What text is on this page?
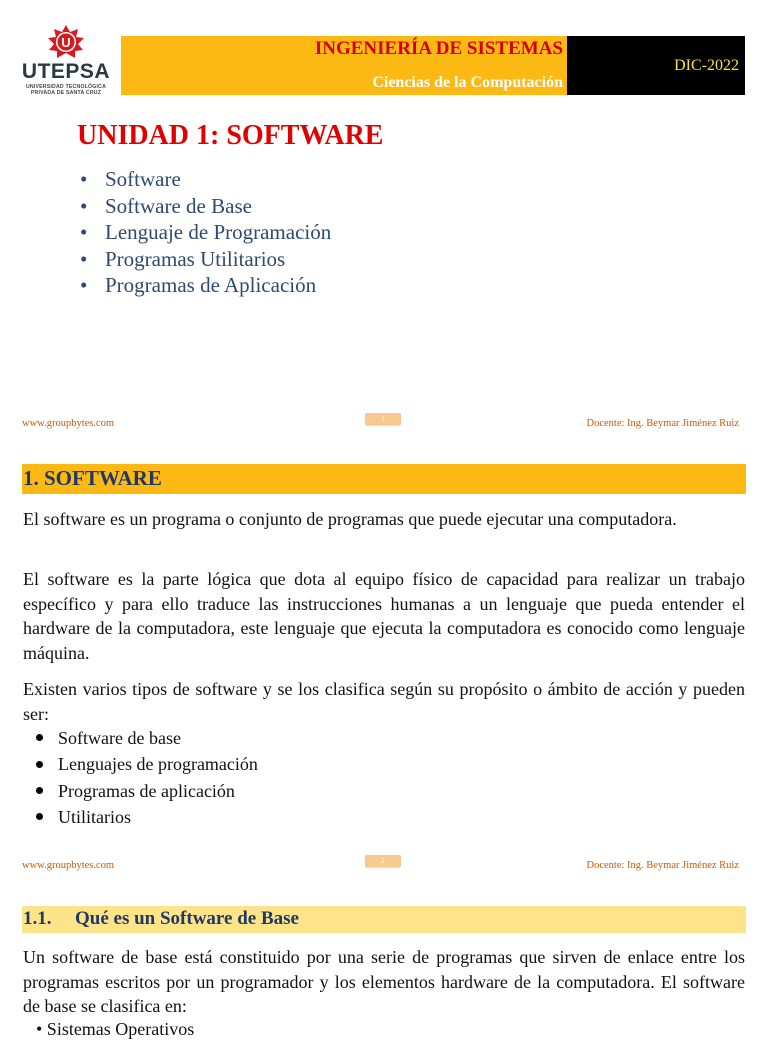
U
UTEPSA
UNIVERSIDAD TECNOLÓGICA
PRIVADA DE SANTA CRUZ
INGENIERÍA DE SISTEMAS
Ciencias de la Computación
DIC-2022
UNIDAD 1: SOFTWARE
• Software
• Software de Base
• Lenguaje de Programación
• Programas Utilitarios
• Programas de Aplicación
www.groupbytes.com	1	Docente: Ing. Beymar Jiménez Ruiz
1. SOFTWARE

El software es un programa o conjunto de programas que puede ejecutar una computadora.

El software es la parte lógica que dota al equipo físico de capacidad para realizar un trabajo específico y para ello traduce las instrucciones humanas a un lenguaje que pueda entender el hardware de la computadora, este lenguaje que ejecuta la computadora es conocido como lenguaje máquina.

Existen varios tipos de software y se los clasifica según su propósito o ámbito de acción y pueden ser:

Software de base
Lenguajes de programación
Programas de aplicación
Utilitarios
www.groupbytes.com	2	Docente: Ing. Beymar Jiménez Ruiz
1.1. Qué es un Software de Base

Un software de base está constituido por una serie de programas que sirven de enlace entre los programas escritos por un programador y los elementos hardware de la computadora. El software de base se clasifica en:

• Sistemas Operativos
